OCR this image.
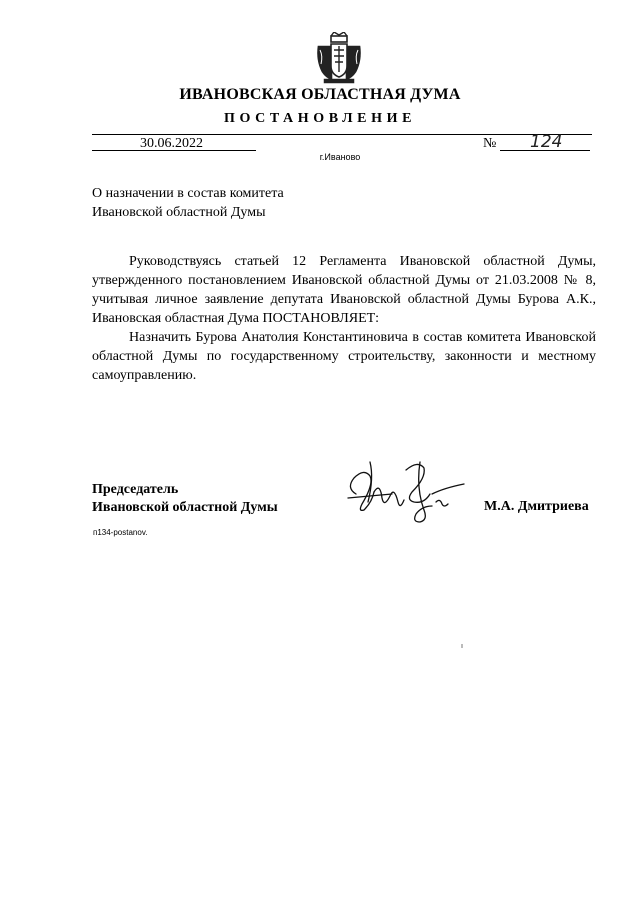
ИВАНОВСКАЯ ОБЛАСТНАЯ ДУМА
ПОСТАНОВЛЕНИЕ
30.06.2022	№ 124
г.Иваново
О назначении в состав комитета
Ивановской областной Думы

Руководствуясь статьей 12 Регламента Ивановской областной Думы, утвержденного постановлением Ивановской областной Думы от 21.03.2008 № 8, учитывая личное заявление депутата Ивановской областной Думы Бурова А.К., Ивановская областная Дума ПОСТАНОВЛЯЕТ:

Назначить Бурова Анатолия Константиновича в состав комитета Ивановской областной Думы по государственному строительству, законности и местному самоуправлению.

Председатель
Ивановской областной Думы	М.А. Дмитриева
п134-postanov.
